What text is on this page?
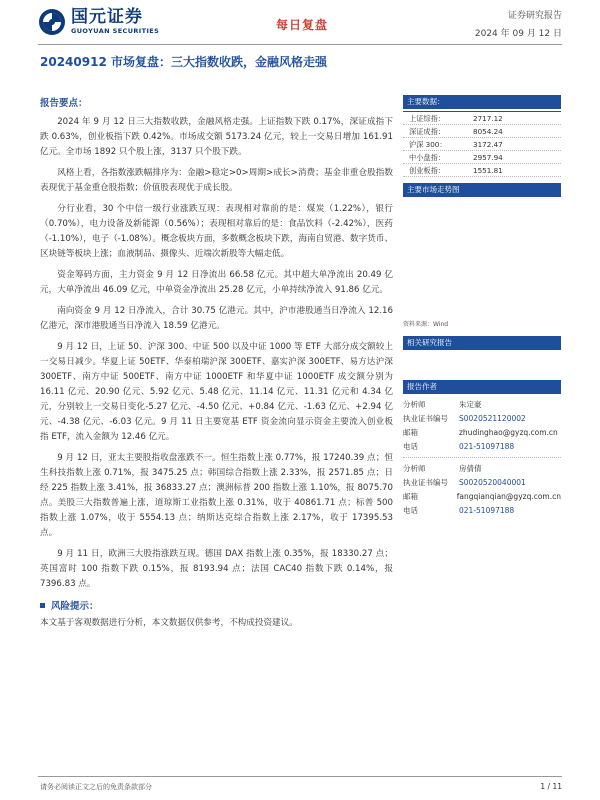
国元证券
GUOYUAN SECURITIES	每日复盘
证券研究报告
2024 年 09 月 12 日
20240912 市场复盘：三大指数收跌，金融风格走强
报告要点：

2024 年 9 月 12 日三大指数收跌，金融风格走强。上证指数下跌 0.17%，深证成指下跌 0.63%，创业板指下跌 0.42%。市场成交额 5173.24 亿元，较上一交易日增加 161.91 亿元。全市场 1892 只个股上涨，3137 只个股下跌。

风格上看，各指数涨跌幅排序为：金融>稳定>0>周期>成长>消费；基金非重仓股指数表现优于基金重仓股指数；价值股表现优于成长股。

分行业看，30 个中信一级行业涨跌互现：表现相对靠前的是：煤炭（1.22%），银行（0.70%），电力设备及新能源（0.56%）；表现相对靠后的是：食品饮料（-2.42%），医药（-1.10%），电子（-1.08%）。概念板块方面，多数概念板块下跌，海南自贸港、数字货币、区块链等板块上涨；血液制品、摄像头、近端次新股等大幅走低。

资金筹码方面，主力资金 9 月 12 日净流出 66.58 亿元。其中超大单净流出 20.49 亿元，大单净流出 46.09 亿元，中单资金净流出 25.28 亿元，小单持续净流入 91.86 亿元。

南向资金 9 月 12 日净流入，合计 30.75 亿港元。其中，沪市港股通当日净流入 12.16 亿港元，深市港股通当日净流入 18.59 亿港元。

9 月 12 日，上证 50、沪深 300、中证 500 以及中证 1000 等 ETF 大部分成交额较上一交易日减少。华夏上证 50ETF、华泰柏瑞沪深 300ETF、嘉实沪深 300ETF、易方达沪深 300ETF、南方中证 500ETF、南方中证 1000ETF 和华夏中证 1000ETF 成交额分别为 16.11 亿元、20.90 亿元、5.92 亿元、5.48 亿元、11.14 亿元、11.31 亿元和 4.34 亿元，分别较上一交易日变化-5.27 亿元、-4.50 亿元、+0.84 亿元、-1.63 亿元、+2.94 亿元、-4.38 亿元、-6.03 亿元。9 月 11 日主要宽基 ETF 资金流向显示资金主要流入创业板指 ETF，流入金额为 12.46 亿元。

9 月 12 日，亚太主要股指收盘涨跌不一。恒生指数上涨 0.77%，报 17240.39 点；恒生科技指数上涨 0.71%，报 3475.25 点；韩国综合指数上涨 2.33%，报 2571.85 点；日经 225 指数上涨 3.41%，报 36833.27 点；澳洲标普 200 指数上涨 1.10%，报 8075.70 点。美股三大指数普遍上涨，道琼斯工业指数上涨 0.31%，收于 40861.71 点；标普 500 指数上涨 1.07%，收于 5554.13 点；纳斯达克综合指数上涨 2.17%，收于 17395.53 点。

9 月 11 日，欧洲三大股指涨跌互现。德国 DAX 指数上涨 0.35%，报 18330.27 点；英国富时 100 指数下跌 0.15%，报 8193.94 点；法国 CAC40 指数下跌 0.14%，报 7396.83 点。

风险提示：
本文基于客观数据进行分析，本文数据仅供参考，不构成投资建议。
主要数据：
上证综指：	2717.12
深证成指：	8054.24
沪深 300：	3172.47
中小盘指：	2957.94
创业板指：	1551.81
主要市场走势图
资料来源：Wind
相关研究报告
报告作者
分析师	朱定豪
执业证书编号	S0020521120002
邮箱	zhudinghao@gyzq.com.cn
电话	021-51097188
分析师	房倩倩
执业证书编号	S0020520040001
邮箱	fangqianqian@gyzq.com.cn
电话	021-51097188
请务必阅读正文之后的免责条款部分	1 / 11
